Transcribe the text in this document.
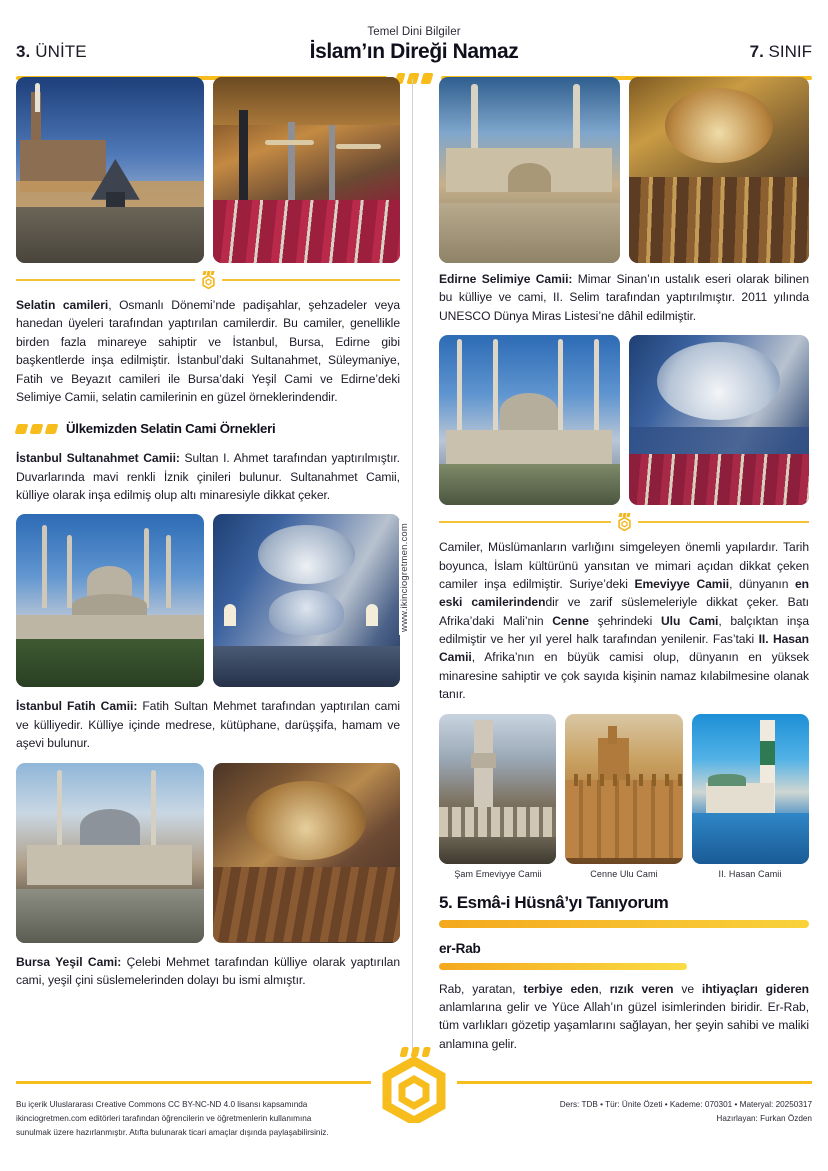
3. ÜNİTE
Temel Dini Bilgiler
İslam’ın Direği Namaz	7. SINIF

Selatin camileri, Osmanlı Dönemi’nde padişahlar, şehzadeler veya hanedan üyeleri tarafından yaptırılan camilerdir. Bu camiler, genellikle birden fazla minareye sahiptir ve İstanbul, Bursa, Edirne gibi başkentlerde inşa edilmiştir. İstanbul’daki Sultanahmet, Süleymaniye, Fatih ve Beyazıt camileri ile Bursa’daki Yeşil Cami ve Edirne’deki Selimiye Camii, selatin camilerinin en güzel örneklerindendir.

Ülkemizden Selatin Cami Örnekleri

İstanbul Sultanahmet Camii: Sultan I. Ahmet tarafından yaptırılmıştır. Duvarlarında mavi renkli İznik çinileri bulunur. Sultanahmet Camii, külliye olarak inşa edilmiş olup altı minaresiyle dikkat çeker.

İstanbul Fatih Camii: Fatih Sultan Mehmet tarafından yaptırılan cami ve külliyedir. Külliye içinde medrese, kütüphane, darüşşifa, hamam ve aşevi bulunur.

Bursa Yeşil Cami: Çelebi Mehmet tarafından külliye olarak yaptırılan cami, yeşil çini süslemelerinden dolayı bu ismi almıştır.

Edirne Selimiye Camii: Mimar Sinan’ın ustalık eseri olarak bilinen bu külliye ve cami, II. Selim tarafından yaptırılmıştır. 2011 yılında UNESCO Dünya Miras Listesi’ne dâhil edilmiştir.

Camiler, Müslümanların varlığını simgeleyen önemli yapılardır. Tarih boyunca, İslam kültürünü yansıtan ve mimari açıdan dikkat çeken camiler inşa edilmiştir. Suriye’deki Emeviyye Camii, dünyanın en eski camilerindendir ve zarif süslemeleriyle dikkat çeker. Batı Afrika’daki Mali’nin Cenne şehrindeki Ulu Cami, balçıktan inşa edilmiştir ve her yıl yerel halk tarafından yenilenir. Fas’taki II. Hasan Camii, Afrika’nın en büyük camisi olup, dünyanın en yüksek minaresine sahiptir ve çok sayıda kişinin namaz kılabilmesine olanak tanır.

Şam Emeviyye Camii	Cenne Ulu Cami	II. Hasan Camii
5. Esmâ-i Hüsnâ’yı Tanıyorum
er-Rab

Rab, yaratan, terbiye eden, rızık veren ve ihtiyaçları gideren anlamlarına gelir ve Yüce Allah’ın güzel isimlerinden biridir. Er-Rab, tüm varlıkları gözetip yaşamlarını sağlayan, her şeyin sahibi ve maliki anlamına gelir.

www.ikinciogretmen.com
Bu içerik Uluslararası Creative Commons CC BY-NC-ND 4.0 lisansı kapsamında
ikinciogretmen.com editörleri tarafından öğrencilerin ve öğretmenlerin kullanımına
sunulmak üzere hazırlanmıştır. Atıfta bulunarak ticari amaçlar dışında paylaşabilirsiniz.
Ders: TDB • Tür: Ünite Özeti • Kademe: 070301 • Materyal: 20250317
Hazırlayan: Furkan Özden
